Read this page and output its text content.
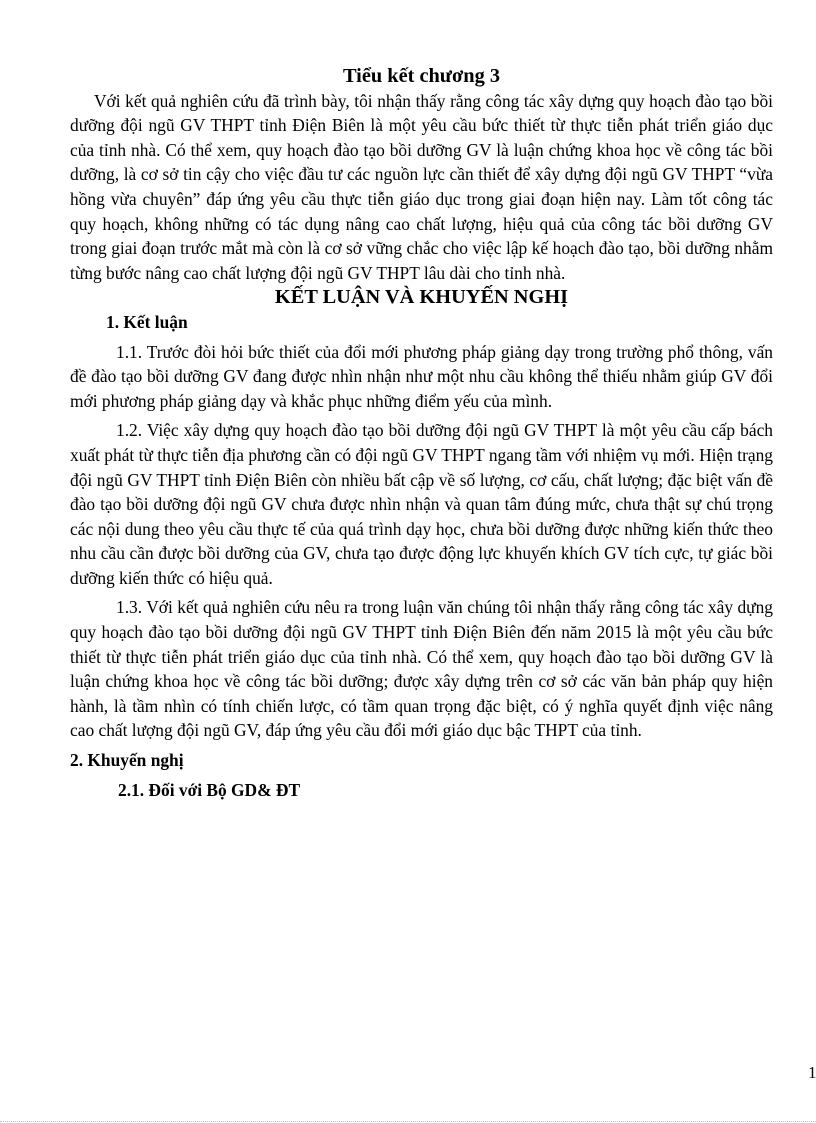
Tiểu kết chương 3

Với kết quả nghiên cứu đã trình bày, tôi nhận thấy rằng công tác xây dựng quy hoạch đào tạo bồi dưỡng đội ngũ GV THPT tỉnh Điện Biên là một yêu cầu bức thiết từ thực tiễn phát triển giáo dục của tỉnh nhà. Có thể xem, quy hoạch đào tạo bồi dưỡng GV là luận chứng khoa học về công tác bồi dưỡng, là cơ sở tin cậy cho việc đầu tư các nguồn lực cần thiết để xây dựng đội ngũ GV THPT “vừa hồng vừa chuyên” đáp ứng yêu cầu thực tiễn giáo dục trong giai đoạn hiện nay. Làm tốt công tác quy hoạch, không những có tác dụng nâng cao chất lượng, hiệu quả của công tác bồi dưỡng GV trong giai đoạn trước mắt mà còn là cơ sở vững chắc cho việc lập kế hoạch đào tạo, bồi dưỡng nhằm từng bước nâng cao chất lượng đội ngũ GV THPT lâu dài cho tỉnh nhà.

KẾT LUẬN VÀ KHUYẾN NGHỊ
1. Kết luận

1.1. Trước đòi hỏi bức thiết của đổi mới phương pháp giảng dạy trong trường phổ thông, vấn đề đào tạo bồi dưỡng GV đang được nhìn nhận như một nhu cầu không thể thiếu nhằm giúp GV đổi mới phương pháp giảng dạy và khắc phục những điểm yếu của mình.

1.2. Việc xây dựng quy hoạch đào tạo bồi dưỡng đội ngũ GV THPT là một yêu cầu cấp bách xuất phát từ thực tiễn địa phương cần có đội ngũ GV THPT ngang tầm với nhiệm vụ mới. Hiện trạng đội ngũ GV THPT tỉnh Điện Biên còn nhiều bất cập về số lượng, cơ cấu, chất lượng; đặc biệt vấn đề đào tạo bồi dưỡng đội ngũ GV chưa được nhìn nhận và quan tâm đúng mức, chưa thật sự chú trọng các nội dung theo yêu cầu thực tế của quá trình dạy học, chưa bồi dưỡng được những kiến thức theo nhu cầu cần được bồi dưỡng của GV, chưa tạo được động lực khuyến khích GV tích cực, tự giác bồi dưỡng kiến thức có hiệu quả.

1.3. Với kết quả nghiên cứu nêu ra trong luận văn chúng tôi nhận thấy rằng công tác xây dựng quy hoạch đào tạo bồi dưỡng đội ngũ GV THPT tỉnh Điện Biên đến năm 2015 là một yêu cầu bức thiết từ thực tiễn phát triển giáo dục của tỉnh nhà. Có thể xem, quy hoạch đào tạo bồi dưỡng GV là luận chứng khoa học về công tác bồi dưỡng; được xây dựng trên cơ sở các văn bản pháp quy hiện hành, là tầm nhìn có tính chiến lược, có tầm quan trọng đặc biệt, có ý nghĩa quyết định việc nâng cao chất lượng đội ngũ GV, đáp ứng yêu cầu đổi mới giáo dục bậc THPT của tỉnh.

2. Khuyến nghị
2.1. Đối với Bộ GD& ĐT
1
